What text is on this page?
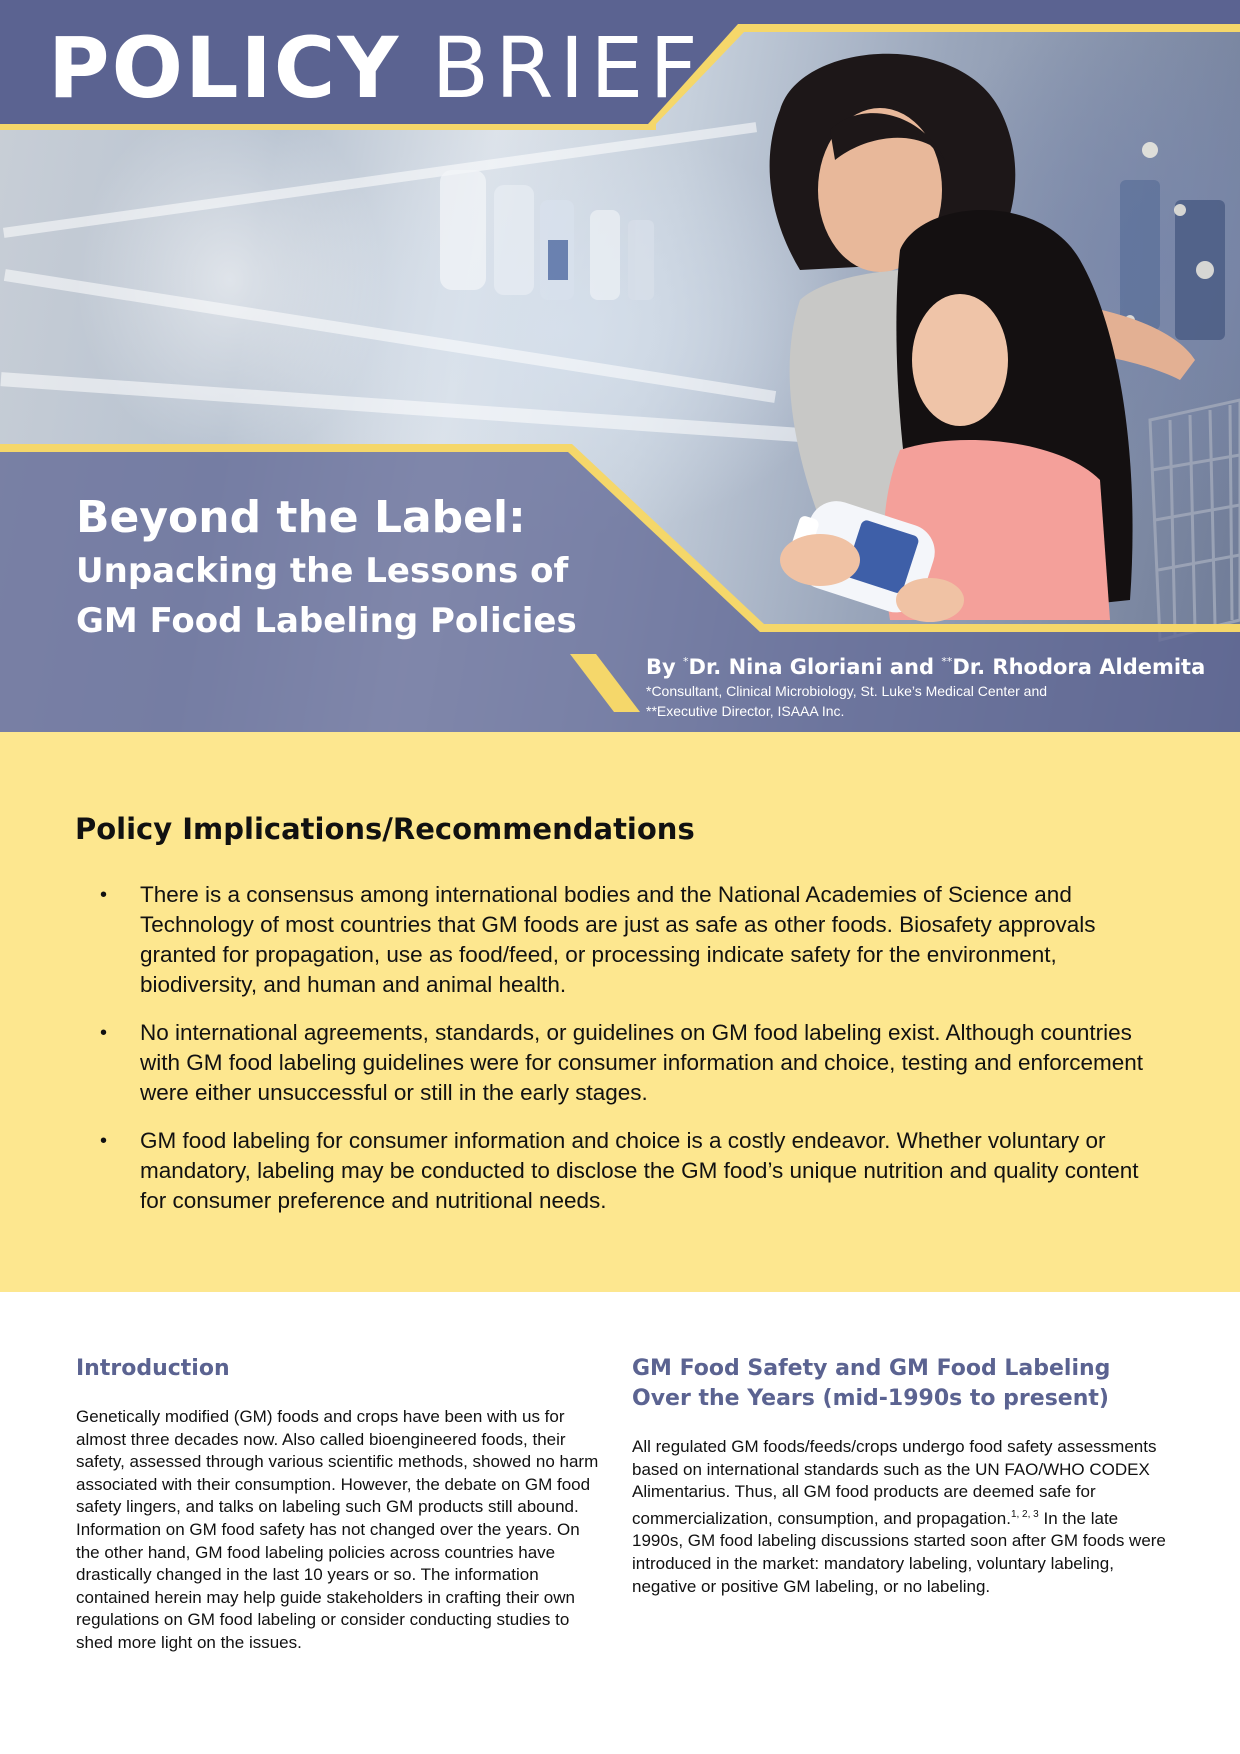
POLICY BRIEF
Beyond the Label:
Unpacking the Lessons of
GM Food Labeling Policies
By *Dr. Nina Gloriani and **Dr. Rhodora Aldemita
*Consultant, Clinical Microbiology, St. Luke’s Medical Center and
**Executive Director, ISAAA Inc.
Policy Implications/Recommendations
• There is a consensus among international bodies and the National Academies of Science and Technology of most countries that GM foods are just as safe as other foods. Biosafety approvals granted for propagation, use as food/feed, or processing indicate safety for the environment, biodiversity, and human and animal health.
• No international agreements, standards, or guidelines on GM food labeling exist. Although countries with GM food labeling guidelines were for consumer information and choice, testing and enforcement were either unsuccessful or still in the early stages.
• GM food labeling for consumer information and choice is a costly endeavor. Whether voluntary or mandatory, labeling may be conducted to disclose the GM food’s unique nutrition and quality content for consumer preference and nutritional needs.
Introduction

Genetically modified (GM) foods and crops have been with us for almost three decades now. Also called bioengineered foods, their safety, assessed through various scientific methods, showed no harm associated with their consumption. However, the debate on GM food safety lingers, and talks on labeling such GM products still abound. Information on GM food safety has not changed over the years. On the other hand, GM food labeling policies across countries have drastically changed in the last 10 years or so. The information contained herein may help guide stakeholders in crafting their own regulations on GM food labeling or consider conducting studies to shed more light on the issues.

GM Food Safety and GM Food Labeling Over the Years (mid-1990s to present)

All regulated GM foods/feeds/crops undergo food safety assessments based on international standards such as the UN FAO/WHO CODEX Alimentarius. Thus, all GM food products are deemed safe for commercialization, consumption, and propagation.$^{1, 2, 3}$ In the late 1990s, GM food labeling discussions started soon after GM foods were introduced in the market: mandatory labeling, voluntary labeling, negative or positive GM labeling, or no labeling.
